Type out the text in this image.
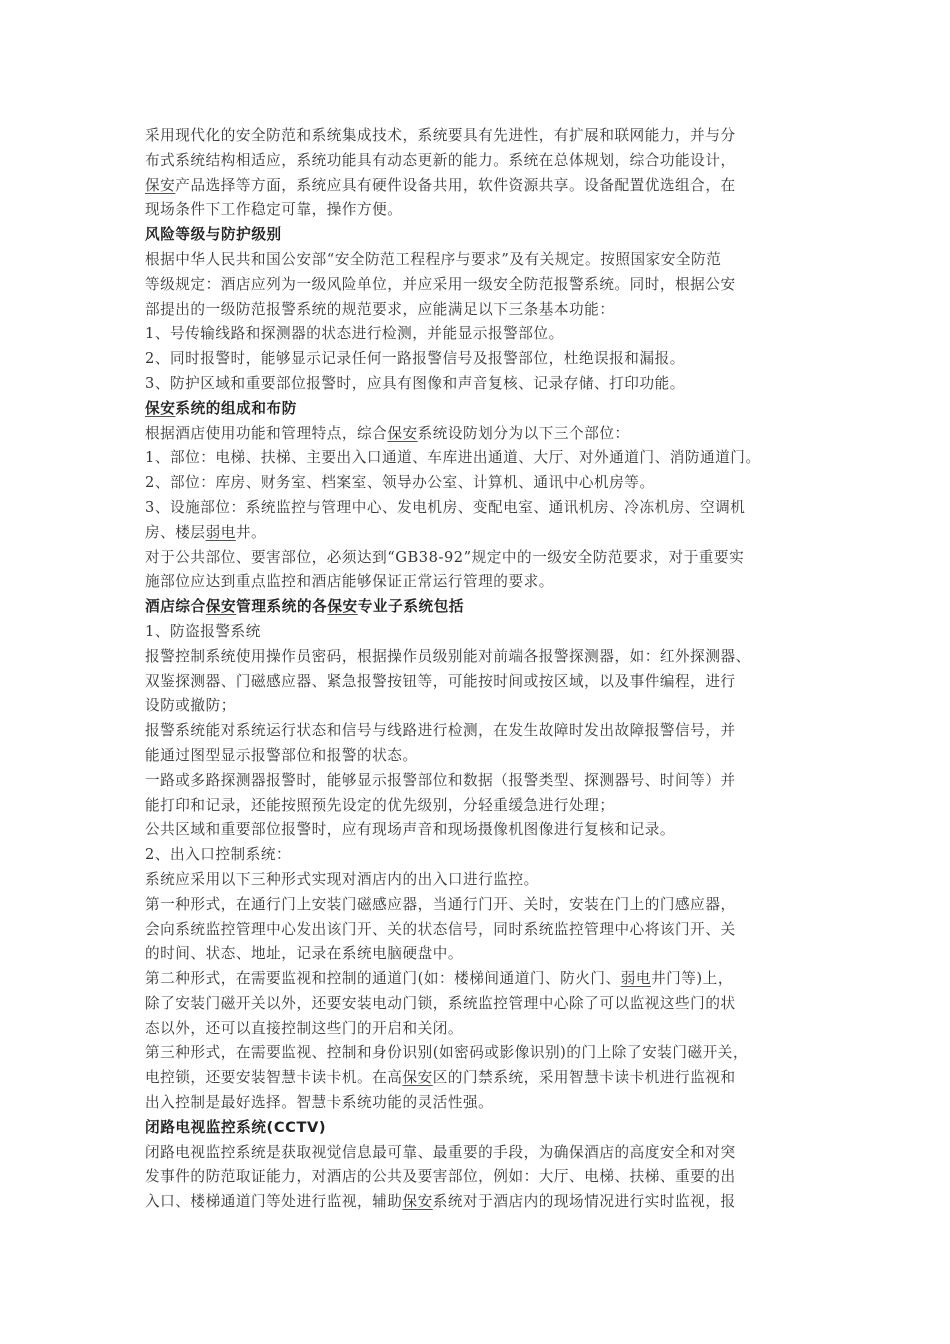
采用现代化的安全防范和系统集成技术，系统要具有先进性，有扩展和联网能力，并与分
布式系统结构相适应，系统功能具有动态更新的能力。系统在总体规划，综合功能设计，
保安产品选择等方面，系统应具有硬件设备共用，软件资源共享。设备配置优选组合，在
现场条件下工作稳定可靠，操作方便。
风险等级与防护级别
根据中华人民共和国公安部“安全防范工程程序与要求”及有关规定。按照国家安全防范
等级规定：酒店应列为一级风险单位，并应采用一级安全防范报警系统。同时，根据公安
部提出的一级防范报警系统的规范要求，应能满足以下三条基本功能：
1、号传输线路和探测器的状态进行检测，并能显示报警部位。
2、同时报警时，能够显示记录任何一路报警信号及报警部位，杜绝误报和漏报。
3、防护区域和重要部位报警时，应具有图像和声音复核、记录存储、打印功能。
保安系统的组成和布防
根据酒店使用功能和管理特点，综合保安系统设防划分为以下三个部位：
1、部位：电梯、扶梯、主要出入口通道、车库进出通道、大厅、对外通道门、消防通道门。
2、部位：库房、财务室、档案室、领导办公室、计算机、通讯中心机房等。
3、设施部位：系统监控与管理中心、发电机房、变配电室、通讯机房、冷冻机房、空调机
房、楼层弱电井。
对于公共部位、要害部位，必须达到“GB38-92”规定中的一级安全防范要求，对于重要实
施部位应达到重点监控和酒店能够保证正常运行管理的要求。
酒店综合保安管理系统的各保安专业子系统包括
1、防盗报警系统
报警控制系统使用操作员密码，根据操作员级别能对前端各报警探测器，如：红外探测器、
双鉴探测器、门磁感应器、紧急报警按钮等，可能按时间或按区域，以及事件编程，进行
设防或撤防；
报警系统能对系统运行状态和信号与线路进行检测，在发生故障时发出故障报警信号，并
能通过图型显示报警部位和报警的状态。
一路或多路探测器报警时，能够显示报警部位和数据（报警类型、探测器号、时间等）并
能打印和记录，还能按照预先设定的优先级别，分轻重缓急进行处理；
公共区域和重要部位报警时，应有现场声音和现场摄像机图像进行复核和记录。
2、出入口控制系统：
系统应采用以下三种形式实现对酒店内的出入口进行监控。
第一种形式，在通行门上安装门磁感应器，当通行门开、关时，安装在门上的门感应器，
会向系统监控管理中心发出该门开、关的状态信号，同时系统监控管理中心将该门开、关
的时间、状态、地址，记录在系统电脑硬盘中。
第二种形式，在需要监视和控制的通道门(如：楼梯间通道门、防火门、弱电井门等)上，
除了安装门磁开关以外，还要安装电动门锁，系统监控管理中心除了可以监视这些门的状
态以外，还可以直接控制这些门的开启和关闭。
第三种形式，在需要监视、控制和身份识别(如密码或影像识别)的门上除了安装门磁开关，
电控锁，还要安装智慧卡读卡机。在高保安区的门禁系统，采用智慧卡读卡机进行监视和
出入控制是最好选择。智慧卡系统功能的灵活性强。
闭路电视监控系统(CCTV)
闭路电视监控系统是获取视觉信息最可靠、最重要的手段，为确保酒店的高度安全和对突
发事件的防范取证能力，对酒店的公共及要害部位，例如：大厅、电梯、扶梯、重要的出
入口、楼梯通道门等处进行监视，辅助保安系统对于酒店内的现场情况进行实时监视，报
